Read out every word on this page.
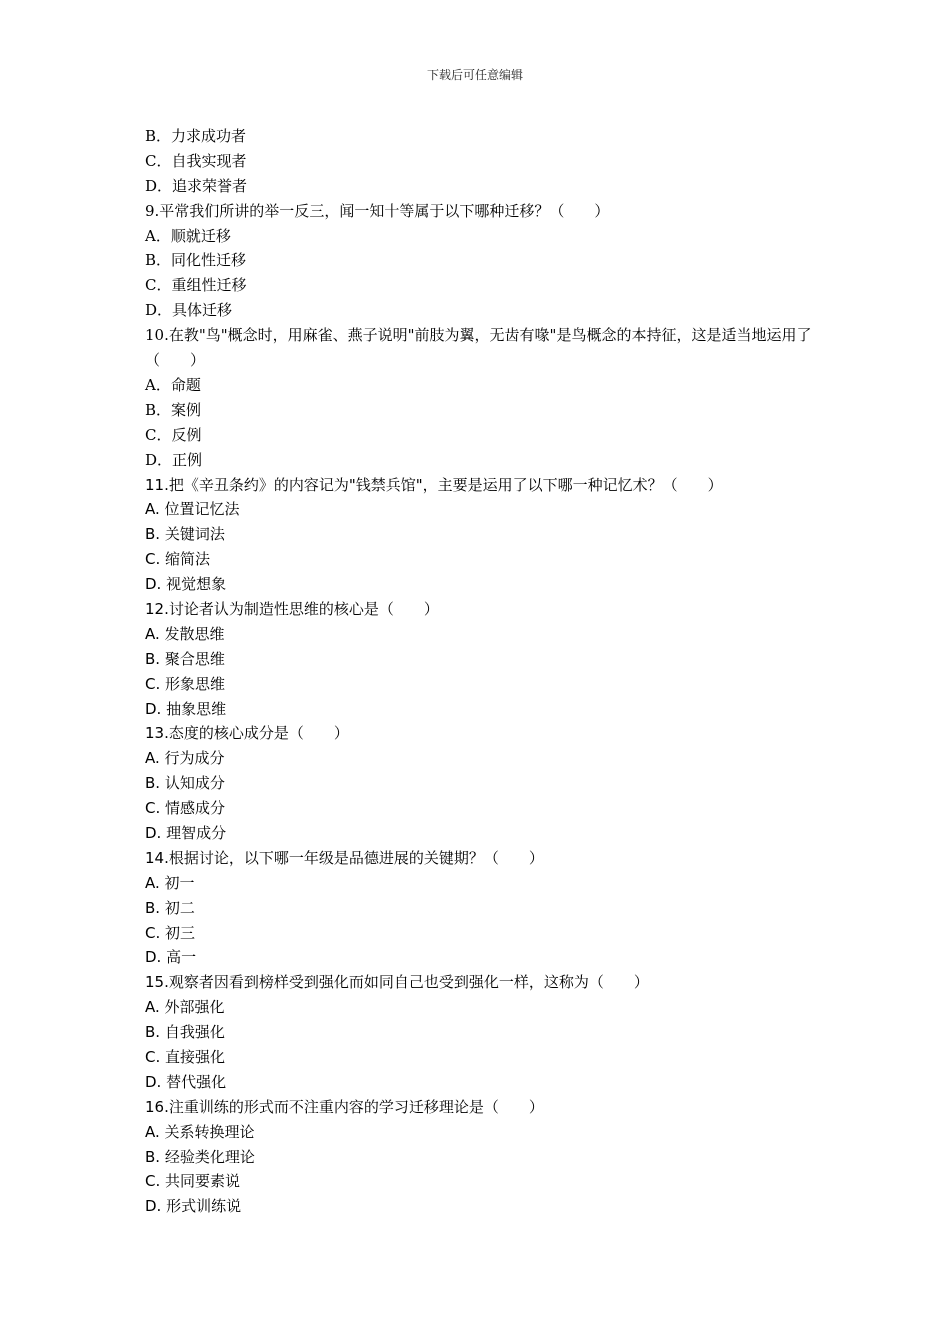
下载后可任意编辑
B．力求成功者
C．自我实现者
D．追求荣誉者
9.平常我们所讲的举一反三，闻一知十等属于以下哪种迁移？（　　）
A．顺就迁移
B．同化性迁移
C．重组性迁移
D．具体迁移
10.在教"鸟"概念时，用麻雀、燕子说明"前肢为翼，无齿有喙"是鸟概念的本持征，这是适当地运用了（　　）
A．命题
B．案例
C．反例
D．正例
11.把《辛丑条约》的内容记为"钱禁兵馆"，主要是运用了以下哪一种记忆术？（　　）
A. 位置记忆法
B. 关键词法
C. 缩简法
D. 视觉想象
12.讨论者认为制造性思维的核心是（　　）
A. 发散思维
B. 聚合思维
C. 形象思维
D. 抽象思维
13.态度的核心成分是（　　）
A. 行为成分
B. 认知成分
C. 情感成分
D. 理智成分
14.根据讨论，以下哪一年级是品德进展的关键期？（　　）
A. 初一
B. 初二
C. 初三
D. 高一
15.观察者因看到榜样受到强化而如同自己也受到强化一样，这称为（　　）
A. 外部强化
B. 自我强化
C. 直接强化
D. 替代强化
16.注重训练的形式而不注重内容的学习迁移理论是（　　）
A. 关系转换理论
B. 经验类化理论
C. 共同要素说
D. 形式训练说
